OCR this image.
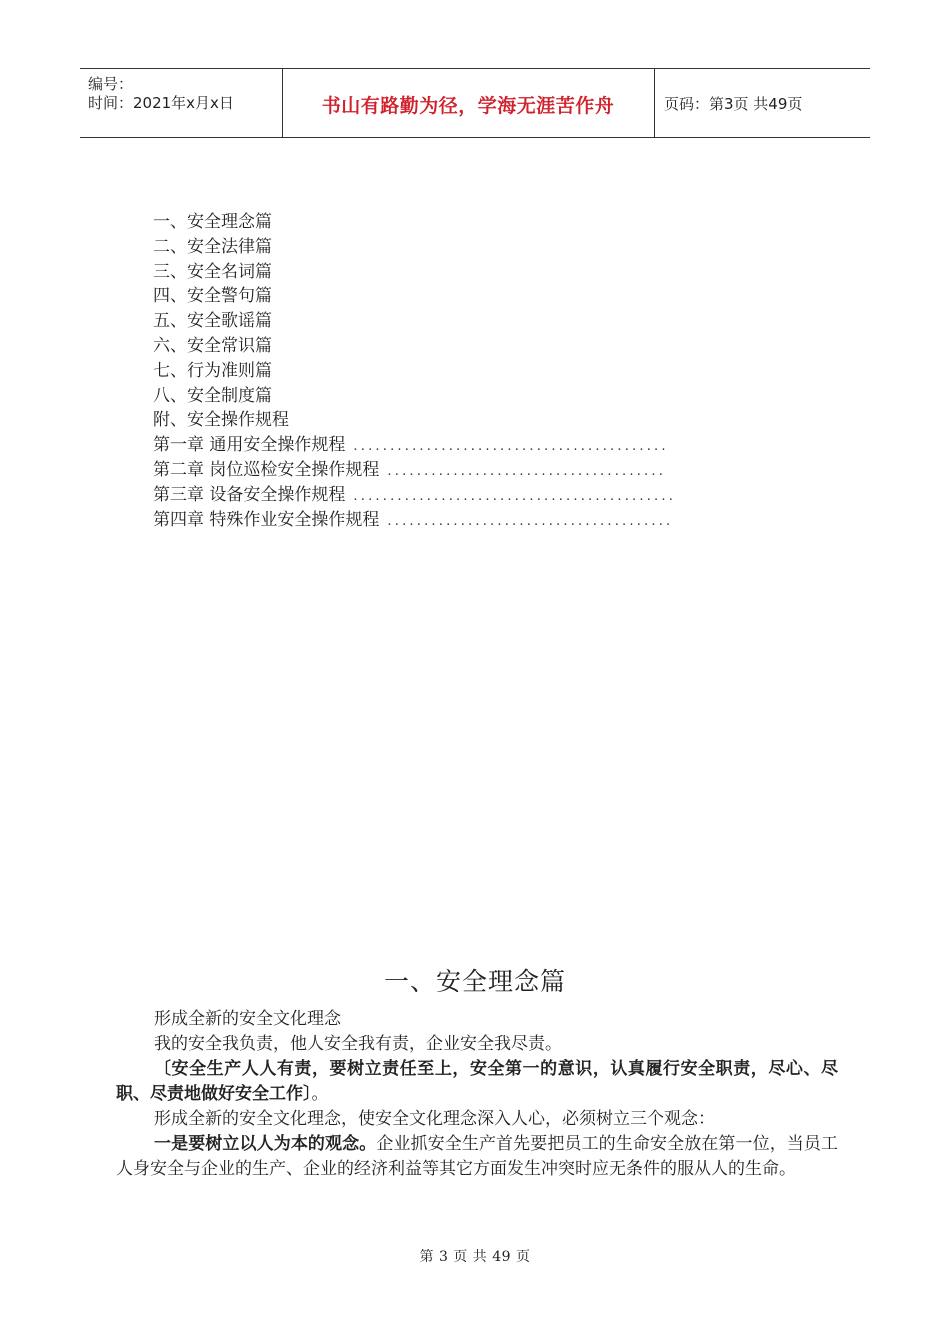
编号：
时间：2021年x月x日	书山有路勤为径，学海无涯苦作舟	页码：第3页 共49页
一、安全理念篇
二、安全法律篇
三、安全名词篇
四、安全警句篇
五、安全歌谣篇
六、安全常识篇
七、行为准则篇
八、安全制度篇
附、安全操作规程
第一章 通用安全操作规程 ...........................................
第二章 岗位巡检安全操作规程 ......................................
第三章 设备安全操作规程 ............................................
第四章 特殊作业安全操作规程 .......................................
一、安全理念篇
形成全新的安全文化理念
我的安全我负责，他人安全我有责，企业安全我尽责。
〔安全生产人人有责，要树立责任至上，安全第一的意识，认真履行安全职责，尽心、尽职、尽责地做好安全工作〕。
形成全新的安全文化理念，使安全文化理念深入人心，必须树立三个观念：
一是要树立以人为本的观念。企业抓安全生产首先要把员工的生命安全放在第一位，当员工人身安全与企业的生产、企业的经济利益等其它方面发生冲突时应无条件的服从人的生命。
第 3 页 共 49 页
